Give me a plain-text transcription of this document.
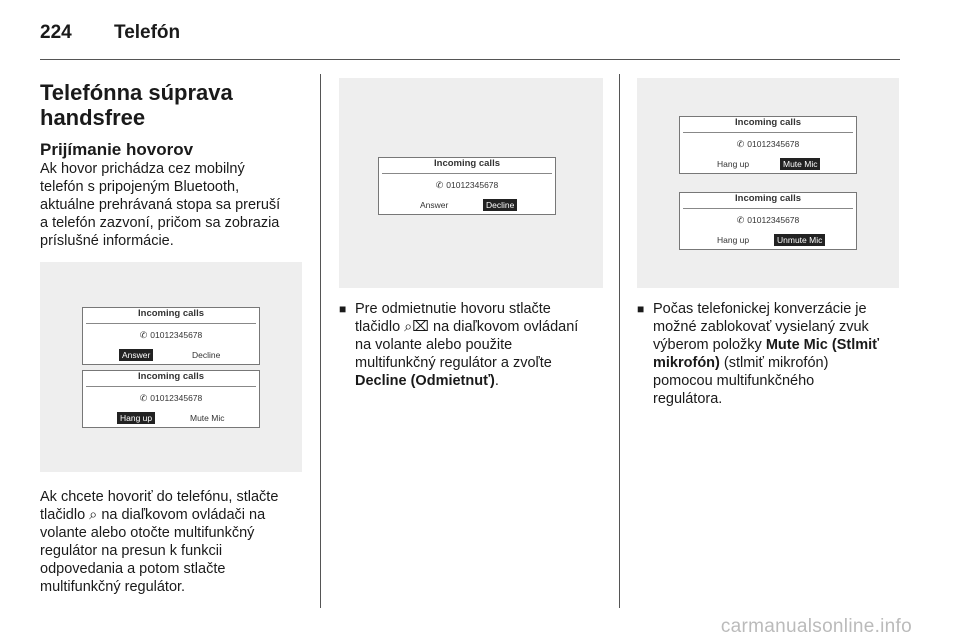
224 Telefón

Telefónna súprava handsfree

Prijímanie hovorov

Ak hovor prichádza cez mobilný

telefón s pripojeným Bluetooth,

aktuálne prehrávaná stopa sa preruší

a telefón zazvoní, pričom sa zobrazia

príslušné informácie.

Incoming calls
✆ 01012345678
Answer	Decline
Incoming calls
✆ 01012345678
Hang up	Mute Mic

Ak chcete hovoriť do telefónu, stlačte

tlačidlo ⌕ na diaľkovom ovládači na

volante alebo otočte multifunkčný

regulátor na presun k funkcii

odpovedania a potom stlačte

multifunkčný regulátor.

Incoming calls
✆ 01012345678
Answer	Decline
■ Pre odmietnutie hovoru stlačte
tlačidlo ⌕⌧ na diaľkovom ovládaní
na volante alebo použite
multifunkčný regulátor a zvoľte
Decline (Odmietnuť).
Incoming calls
✆ 01012345678
Hang up	Mute Mic
Incoming calls
✆ 01012345678
Hang up	Unmute Mic
■ Počas telefonickej konverzácie je
možné zablokovať vysielaný zvuk
výberom položky Mute Mic (Stlmiť
mikrofón) (stlmiť mikrofón)
pomocou multifunkčného
regulátora.
carmanualsonline.info
